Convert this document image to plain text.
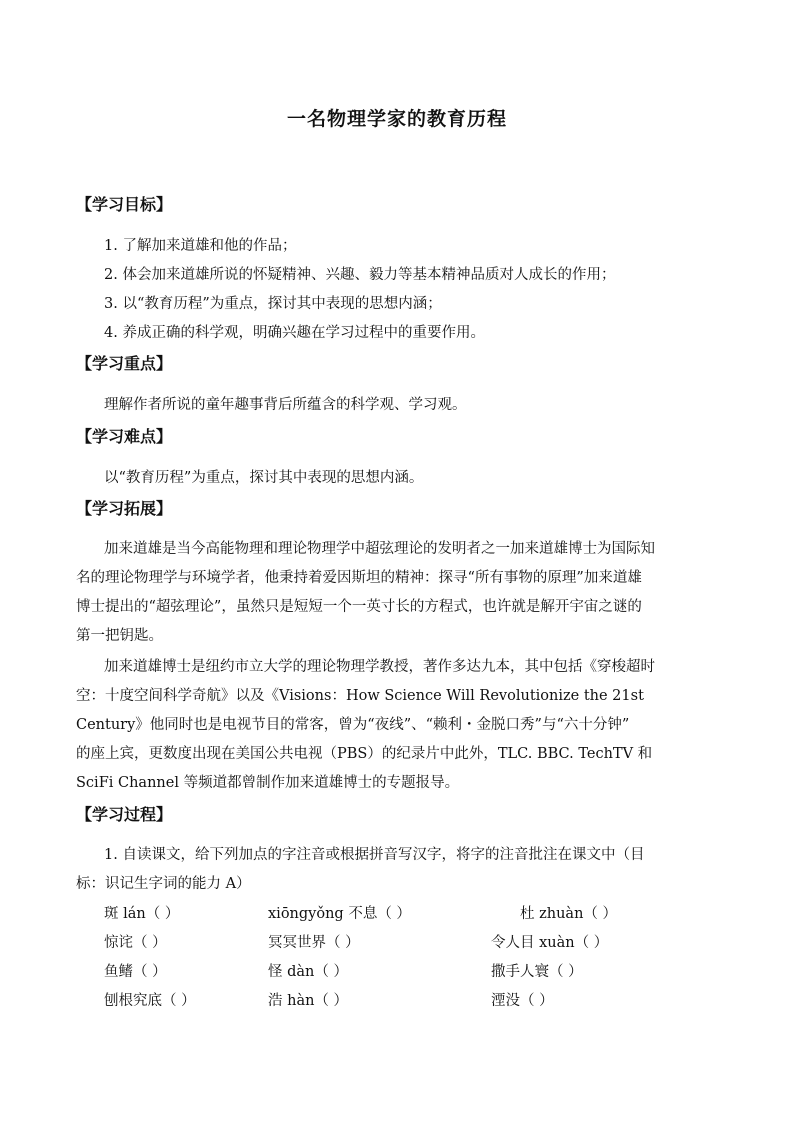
一名物理学家的教育历程
【学习目标】
1. 了解加来道雄和他的作品；
2. 体会加来道雄所说的怀疑精神、兴趣、毅力等基本精神品质对人成长的作用；
3. 以“教育历程”为重点，探讨其中表现的思想内涵；
4. 养成正确的科学观，明确兴趣在学习过程中的重要作用。
【学习重点】
理解作者所说的童年趣事背后所蕴含的科学观、学习观。
【学习难点】
以“教育历程”为重点，探讨其中表现的思想内涵。
【学习拓展】
加来道雄是当今高能物理和理论物理学中超弦理论的发明者之一加来道雄博士为国际知
名的理论物理学与环境学者，他秉持着爱因斯坦的精神：探寻“所有事物的原理”加来道雄
博士提出的“超弦理论”，虽然只是短短一个一英寸长的方程式，也许就是解开宇宙之谜的
第一把钥匙。
加来道雄博士是纽约市立大学的理论物理学教授，著作多达九本，其中包括《穿梭超时
空：十度空间科学奇航》以及《Visions：How Science Will Revolutionize the 21st
Century》他同时也是电视节目的常客，曾为“夜线”、“赖利・金脱口秀”与“六十分钟”
的座上宾，更数度出现在美国公共电视（PBS）的纪录片中此外，TLC. BBC. TechTV 和
SciFi Channel 等频道都曾制作加来道雄博士的专题报导。
【学习过程】
1. 自读课文，给下列加点的字注音或根据拼音写汉字，将字的注音批注在课文中（目
标：识记生字词的能力 A）
斑 lán（ ）	xiōngyǒng 不息（ ）	杜 zhuàn（ ）
惊诧（ ）	冥冥世界（ ）	令人目 xuàn（ ）
鱼鳍（ ）	怪 dàn（ ）	撒手人寰（ ）
刨根究底（ ）	浩 hàn（ ）	湮没（ ）
